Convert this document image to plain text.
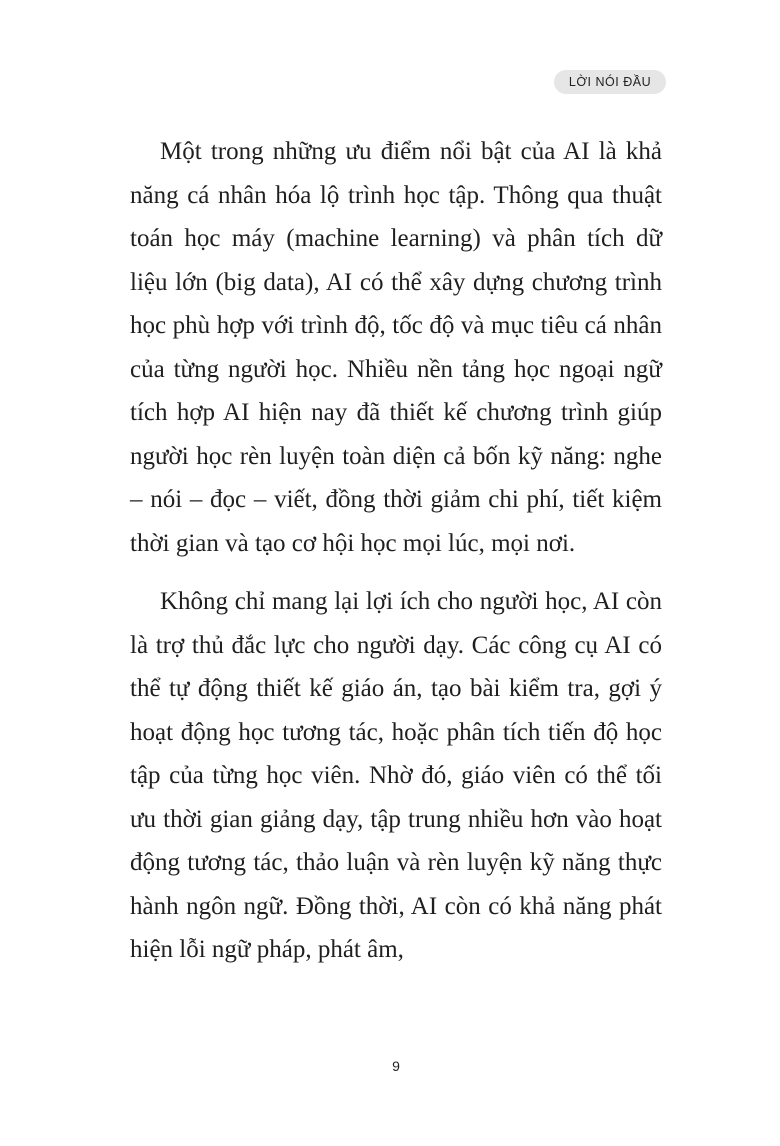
LỜI NÓI ĐẦU

Một trong những ưu điểm nổi bật của AI là khả năng cá nhân hóa lộ trình học tập. Thông qua thuật toán học máy (machine learning) và phân tích dữ liệu lớn (big data), AI có thể xây dựng chương trình học phù hợp với trình độ, tốc độ và mục tiêu cá nhân của từng người học. Nhiều nền tảng học ngoại ngữ tích hợp AI hiện nay đã thiết kế chương trình giúp người học rèn luyện toàn diện cả bốn kỹ năng: nghe – nói – đọc – viết, đồng thời giảm chi phí, tiết kiệm thời gian và tạo cơ hội học mọi lúc, mọi nơi.

Không chỉ mang lại lợi ích cho người học, AI còn là trợ thủ đắc lực cho người dạy. Các công cụ AI có thể tự động thiết kế giáo án, tạo bài kiểm tra, gợi ý hoạt động học tương tác, hoặc phân tích tiến độ học tập của từng học viên. Nhờ đó, giáo viên có thể tối ưu thời gian giảng dạy, tập trung nhiều hơn vào hoạt động tương tác, thảo luận và rèn luyện kỹ năng thực hành ngôn ngữ. Đồng thời, AI còn có khả năng phát hiện lỗi ngữ pháp, phát âm,

9
